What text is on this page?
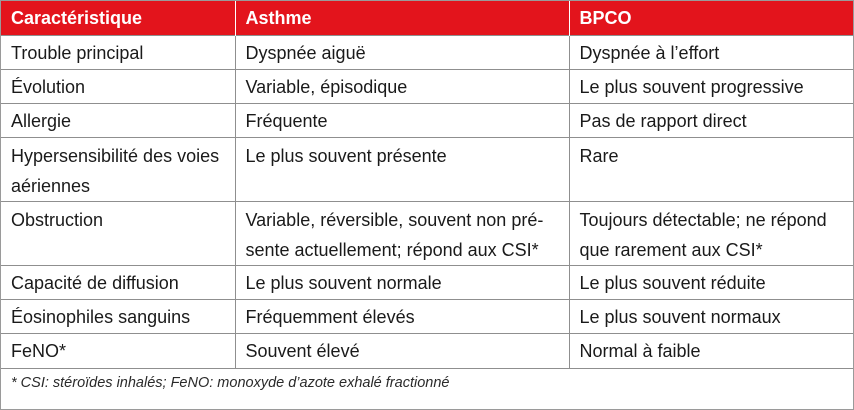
Caractéristique	Asthme	BPCO
Trouble principal	Dyspnée aiguë	Dyspnée à l’effort
Évolution	Variable, épisodique	Le plus souvent progressive
Allergie	Fréquente	Pas de rapport direct

Hypersensibilité des voies aériennes	Le plus souvent présente	Rare

Obstruction	Variable, réversible, souvent non pré-sente actuellement; répond aux CSI*	Toujours détectable; ne répond que rarement aux CSI*

Capacité de diffusion	Le plus souvent normale	Le plus souvent réduite
Éosinophiles sanguins	Fréquemment élevés	Le plus souvent normaux
FeNO*	Souvent élevé	Normal à faible
* CSI: stéroïdes inhalés; FeNO: monoxyde d’azote exhalé fractionné
